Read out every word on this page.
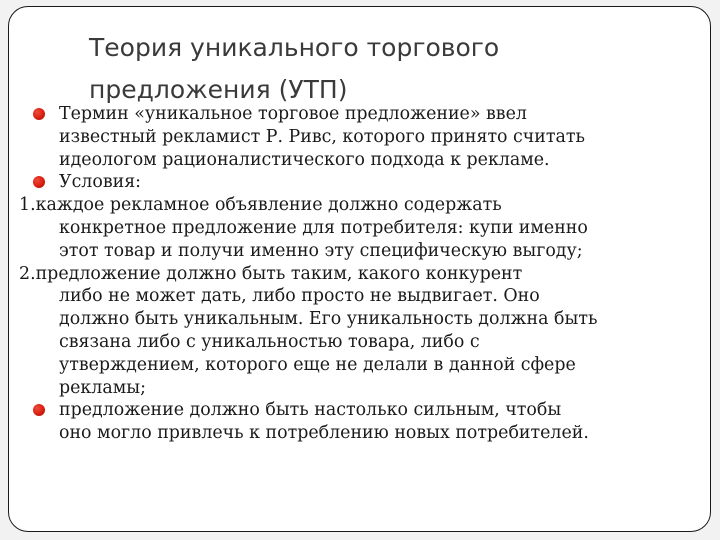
Теория уникального торгового
предложения (УТП)
Термин «уникальное торговое предложение» ввел
известный рекламист Р. Ривс, которого принято считать
идеологом рационалистического подхода к рекламе.
Условия:
1.каждое рекламное объявление должно содержать
конкретное предложение для потребителя: купи именно
этот товар и получи именно эту специфическую выгоду;
2.предложение должно быть таким, какого конкурент
либо не может дать, либо просто не выдвигает. Оно
должно быть уникальным. Его уникальность должна быть
связана либо с уникальностью товара, либо с
утверждением, которого еще не делали в данной сфере
рекламы;
предложение должно быть настолько сильным, чтобы
оно могло привлечь к потреблению новых потребителей.
